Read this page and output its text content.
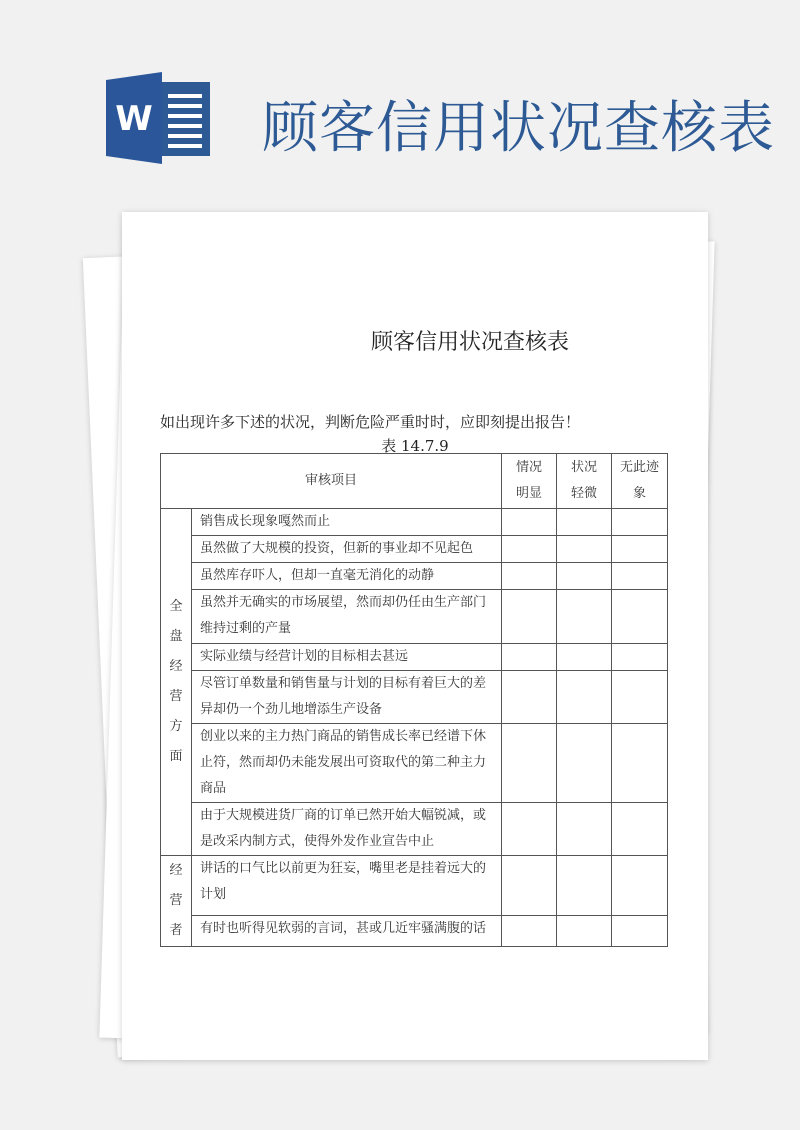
W 顾客信用状况查核表
顾客信用状况查核表
如出现许多下述的状况，判断危险严重时时，应即刻提出报告！
表 14.7.9
审核项目		情况明显	状况轻微	无此迹象
全盘经营方面	销售成长现象嘎然而止			
	虽然做了大规模的投资，但新的事业却不见起色			
	虽然库存吓人，但却一直毫无消化的动静			
	虽然并无确实的市场展望，然而却仍任由生产部门维持过剩的产量			
	实际业绩与经营计划的目标相去甚远			
	尽管订单数量和销售量与计划的目标有着巨大的差异却仍一个劲儿地增添生产设备			
	创业以来的主力热门商品的销售成长率已经谱下休止符，然而却仍未能发展出可资取代的第二种主力商品			
	由于大规模进货厂商的订单已然开始大幅锐减，或是改采内制方式，使得外发作业宣告中止			
经营者	讲话的口气比以前更为狂妄，嘴里老是挂着远大的计划			
	有时也听得见软弱的言词，甚或几近牢骚满腹的话			
